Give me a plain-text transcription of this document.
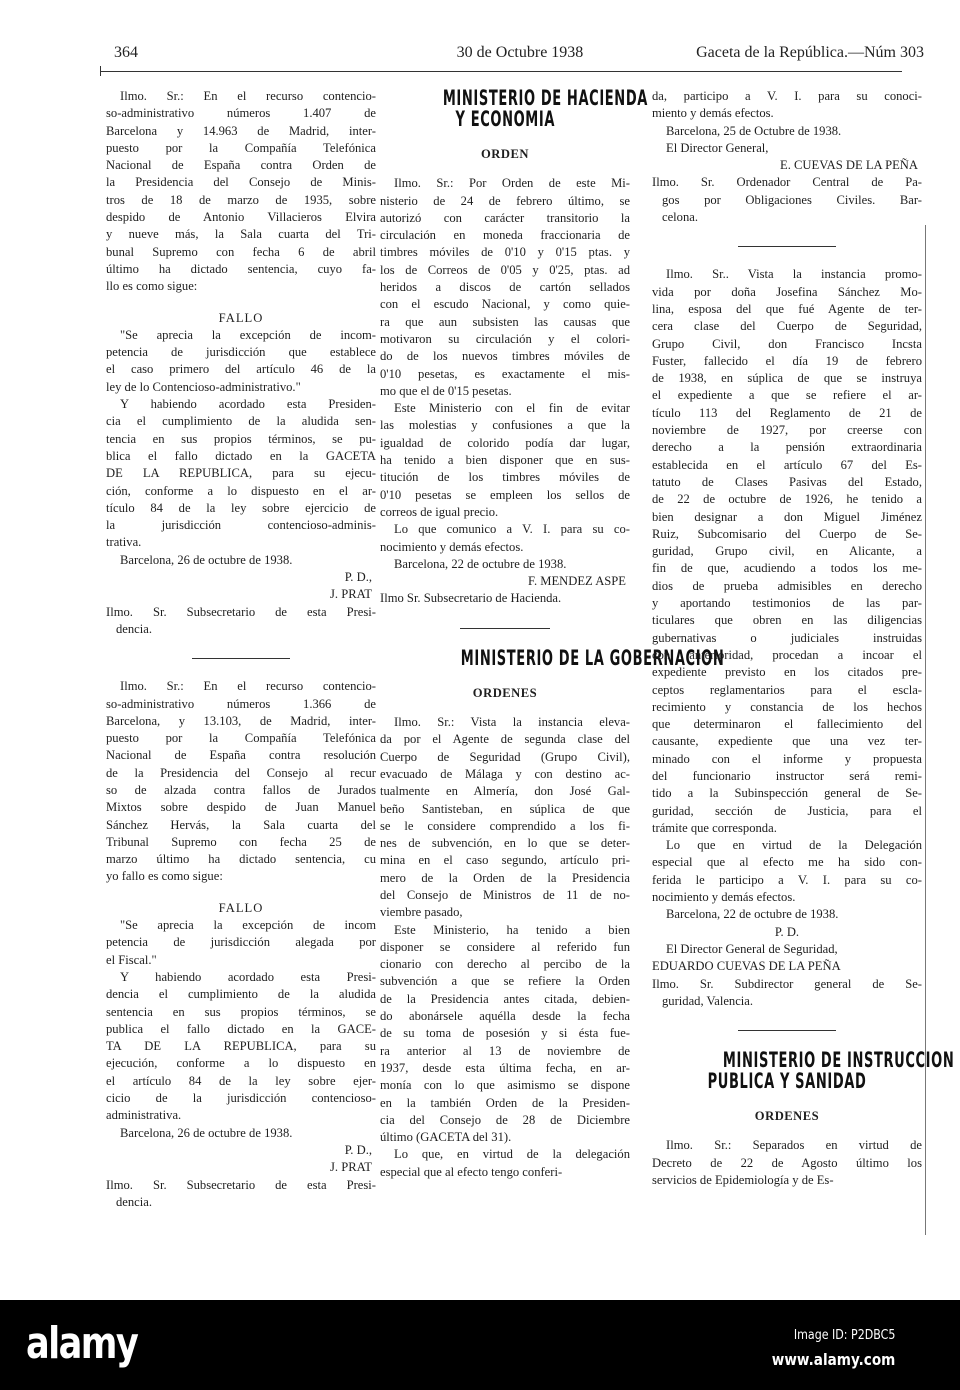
364	30 de Octubre 1938	Gaceta de la República.—Núm 303
Ilmo. Sr.: En el recurso contencio-
so-administrativo números 1.407 de
Barcelona y 14.963 de Madrid, inter-
puesto por la Compañía Telefónica
Nacional de España contra Orden de
la Presidencia del Consejo de Minis-
tros de 18 de marzo de 1935, sobre
despido de Antonio Villacieros Elvira
y nueve más, la Sala cuarta del Tri-
bunal Supremo con fecha 6 de abril
último ha dictado sentencia, cuyo fa-
llo es como sigue:
FALLO
"Se aprecia la excepción de incom-
petencia de jurisdicción que establece
el caso primero del artículo 46 de la
ley de lo Contencioso-administrativo."
Y habiendo acordado esta Presiden-
cia el cumplimiento de la aludida sen-
tencia en sus propios términos, se pu-
blica el fallo dictado en la GACETA
DE LA REPUBLICA, para su ejecu-
ción, conforme a lo dispuesto en el ar-
tículo 84 de la ley sobre ejercicio de
la jurisdicción contencioso-adminis-
trativa.
Barcelona, 26 de octubre de 1938.
P. D.,
J. PRAT
Ilmo. Sr. Subsecretario de esta Presi-
dencia.
Ilmo. Sr.: En el recurso contencio-
so-administrativo números 1.366 de
Barcelona, y 13.103, de Madrid, inter-
puesto por la Compañía Telefónica
Nacional de España contra resolución
de la Presidencia del Consejo al recur
so de alzada contra fallos de Jurados
Mixtos sobre despido de Juan Manuel
Sánchez Hervás, la Sala cuarta del
Tribunal Supremo con fecha 25 de
marzo último ha dictado sentencia, cu
yo fallo es como sigue:
FALLO
"Se aprecia la excepción de incom
petencia de jurisdicción alegada por
el Fiscal."
Y habiendo acordado esta Presi-
dencia el cumplimiento de la aludida
sentencia en sus propios términos, se
publica el fallo dictado en la GACE-
TA DE LA REPUBLICA, para su
ejecución, conforme a lo dispuesto en
el artículo 84 de la ley sobre ejer-
cicio de la jurisdicción contencioso-
administrativa.
Barcelona, 26 de octubre de 1938.
P. D.,
J. PRAT
Ilmo. Sr. Subsecretario de esta Presi-
dencia.
MINISTERIO DE HACIENDA
Y ECONOMIA
ORDEN
Ilmo. Sr.: Por Orden de este Mi-
nisterio de 24 de febrero último, se
autorizó con carácter transitorio la
circulación en moneda fraccionaria de
timbres móviles de 0'10 y 0'15 ptas. y
los de Correos de 0'05 y 0'25, ptas. ad
heridos a discos de cartón sellados
con el escudo Nacional, y como quie-
ra que aun subsisten las causas que
motivaron su circulación y el colori-
do de los nuevos timbres móviles de
0'10 pesetas, es exactamente el mis-
mo que el de 0'15 pesetas.
Este Ministerio con el fin de evitar
las molestias y confusiones a que la
igualdad de colorido podía dar lugar,
ha tenido a bien disponer que en sus-
titución de los timbres móviles de
0'10 pesetas se empleen los sellos de
correos de igual precio.
Lo que comunico a V. I. para su co-
nocimiento y demás efectos.
Barcelona, 22 de octubre de 1938.
F. MENDEZ ASPE
Ilmo Sr. Subsecretario de Hacienda.
MINISTERIO DE LA GOBERNACION
ORDENES
Ilmo. Sr.: Vista la instancia eleva-
da por el Agente de segunda clase del
Cuerpo de Seguridad (Grupo Civil),
evacuado de Málaga y con destino ac-
tualmente en Almería, don José Gal-
beño Santisteban, en súplica de que
se le considere comprendido a los fi-
nes de subvención, en lo que se deter-
mina en el caso segundo, artículo pri-
mero de la Orden de la Presidencia
del Consejo de Ministros de 11 de no-
viembre pasado,
Este Ministerio, ha tenido a bien
disponer se considere al referido fun
cionario con derecho al percibo de la
subvención a que se refiere la Orden
de la Presidencia antes citada, debien-
do abonársele aquélla desde la fecha
de su toma de posesión y si ésta fue-
ra anterior al 13 de noviembre de
1937, desde esta última fecha, en ar-
monía con lo que asimismo se dispone
en la también Orden de la Presiden-
cia del Consejo de 28 de Diciembre
último (GACETA del 31).
Lo que, en virtud de la delegación
especial que al efecto tengo conferi-
da, participo a V. I. para su conoci-
miento y demás efectos.
Barcelona, 25 de Octubre de 1938.
El Director General,
E. CUEVAS DE LA PEÑA
Ilmo. Sr. Ordenador Central de Pa-
gos por Obligaciones Civiles. Bar-
celona.
Ilmo. Sr.. Vista la instancia promo-
vida por doña Josefina Sánchez Mo-
lina, esposa del que fué Agente de ter-
cera clase del Cuerpo de Seguridad,
Grupo Civil, don Francisco Incsta
Fuster, fallecido el día 19 de febrero
de 1938, en súplica de que se instruya
el expediente a que se refiere el ar-
tículo 113 del Reglamento de 21 de
noviembre de 1927, por creerse con
derecho a la pensión extraordinaria
establecida en el artículo 67 del Es-
tatuto de Clases Pasivas del Estado,
de 22 de octubre de 1926, he tenido a
bien designar a don Miguel Jiménez
Ruiz, Subcomisario del Cuerpo de Se-
guridad, Grupo civil, en Alicante, a
fin de que, acudiendo a todos los me-
dios de prueba admisibles en derecho
y aportando testimonios de las par-
ticulares que obren en las diligencias
gubernativas o judiciales instruidas
con anterioridad, procedan a incoar el
expediente previsto en los citados pre-
ceptos reglamentarios para el escla-
recimiento y constancia de los hechos
que determinaron el fallecimiento del
causante, expediente que una vez ter-
minado con el informe y propuesta
del funcionario instructor será remi-
tido a la Subinspección general de Se-
guridad, sección de Justicia, para el
trámite que corresponda.
Lo que en virtud de la Delegación
especial que al efecto me ha sido con-
ferida le participo a V. I. para su co-
nocimiento y demás efectos.
Barcelona, 22 de octubre de 1938.
P. D.
El Director General de Seguridad,
EDUARDO CUEVAS DE LA PEÑA
Ilmo. Sr. Subdirector general de Se-
guridad, Valencia.
MINISTERIO DE INSTRUCCION
PUBLICA Y SANIDAD
ORDENES
Ilmo. Sr.: Separados en virtud de
Decreto de 22 de Agosto último los
servicios de Epidemiología y de Es-
alamy	Image ID: P2DBC5
www.alamy.com
